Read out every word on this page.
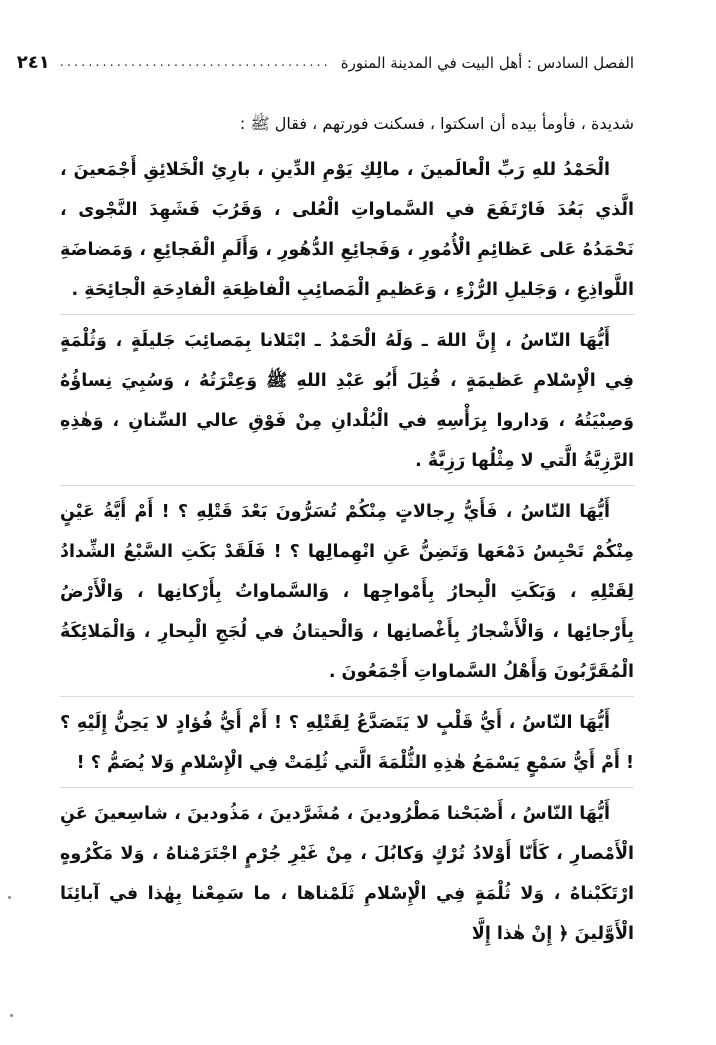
الفصل السادس : أهل البيت في المدينة المنورة
......................................
٢٤١

شديدة ، فأومأ بيده أن اسكتوا ، فسكنت فورتهم ، فقال ﷺ :

الْحَمْدُ للهِ رَبِّ الْعالَمينَ ، مالِكِ يَوْمِ الدِّينِ ، بارِئِ الْخَلائِقِ أَجْمَعينَ ، الَّذي بَعُدَ فَارْتَفَعَ في السَّماواتِ الْعُلى ، وَقَرُبَ فَشَهِدَ النَّجْوى ، نَحْمَدُهُ عَلى عَظائِمِ الْأُمُورِ ، وَفَجائِعِ الدُّهُورِ ، وَأَلَمِ الْفَجائِعِ ، وَمَضاضَةِ اللَّواذِعِ ، وَجَليلِ الرُّزْءِ ، وَعَظيمِ الْمَصائِبِ الْفاظِعَةِ الْفادِحَةِ الْجائِحَةِ .

أَيُّهَا النّاسُ ، إِنَّ اللهَ ـ وَلَهُ الْحَمْدُ ـ ابْتَلانا بِمَصائِبَ جَليلَةٍ ، وَثُلْمَةٍ فِي الْإِسْلامِ عَظيمَةٍ ، قُتِلَ أَبُو عَبْدِ اللهِ ﷺ وَعِتْرَتُهُ ، وَسُبِيَ نِساؤُهُ وَصِبْيَتُهُ ، وَداروا بِرَأْسِهِ في الْبُلْدانِ مِنْ فَوْقِ عالي السِّنانِ ، وَهٰذِهِ الرَّزِيَّةُ الَّتي لا مِثْلُها رَزِيَّةٌ .

أَيُّهَا النّاسُ ، فَأَيُّ رِجالاتٍ مِنْكُمْ تُسَرُّونَ بَعْدَ قَتْلِهِ ؟ ! أَمْ أَيَّةُ عَيْنٍ مِنْكُمْ تَحْبِسُ دَمْعَها وَتَضِنُّ عَنِ انْهِمالِها ؟ ! فَلَقَدْ بَكَتِ السَّبْعُ الشِّدادُ لِقَتْلِهِ ، وَبَكَتِ الْبِحارُ بِأَمْواجِها ، وَالسَّماواتُ بِأَرْكانِها ، وَالْأَرْضُ بِأَرْجائِها ، وَالْأَشْجارُ بِأَغْصانِها ، وَالْحيتانُ في لُجَجِ الْبِحارِ ، وَالْمَلائِكَةُ الْمُقَرَّبُونَ وَأَهْلُ السَّماواتِ أَجْمَعُونَ .

أَيُّهَا النّاسُ ، أَيُّ قَلْبٍ لا يَتَصَدَّعُ لِقَتْلِهِ ؟ ! أَمْ أَيُّ فُؤادٍ لا يَحِنُّ إِلَيْهِ ؟ ! أَمْ أَيُّ سَمْعٍ يَسْمَعُ هٰذِهِ الثُّلْمَةَ الَّتي ثُلِمَتْ فِي الْإِسْلامِ وَلا يُصَمُّ ؟ !

أَيُّهَا النّاسُ ، أَصْبَحْنا مَطْرُودينَ ، مُشَرَّدينَ ، مَذُودينَ ، شاسِعينَ عَنِ الْأَمْصارِ ، كَأَنّا أَوْلادُ تُرْكٍ وَكابُلَ ، مِنْ غَيْرِ جُرْمٍ اجْتَرَمْناهُ ، وَلا مَكْرُوهٍ ارْتَكَبْناهُ ، وَلا ثُلْمَةٍ فِي الْإِسْلامِ ثَلَمْناها ، ما سَمِعْنا بِهٰذا في آبائِنَا الْأَوَّلينَ ﴿ إِنْ هٰذا إِلَّا
